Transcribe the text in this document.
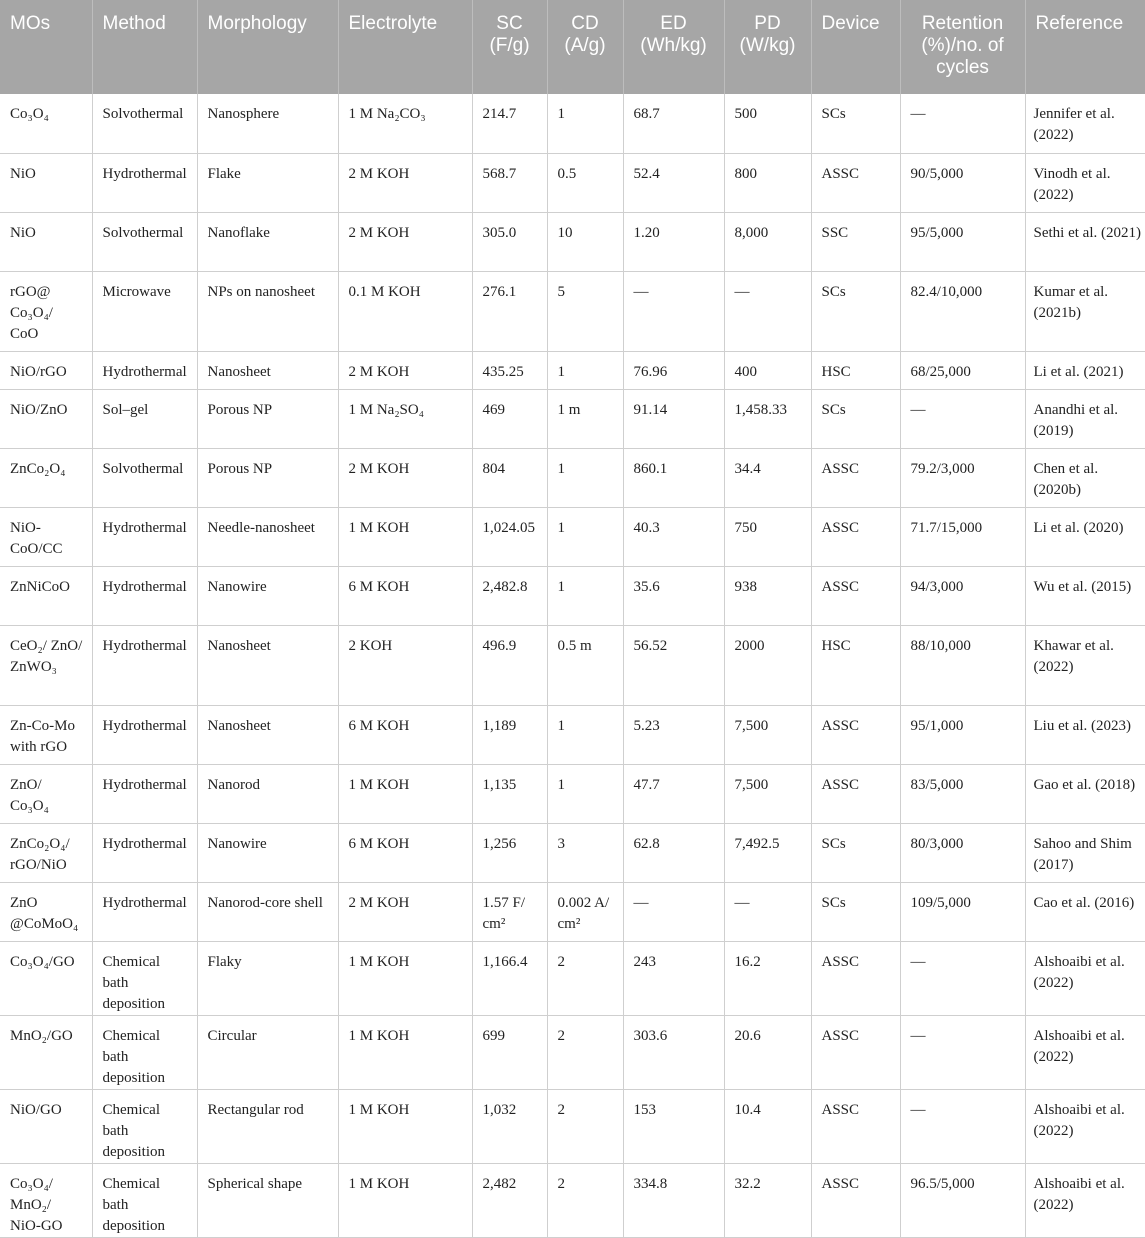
MOs	Method	Morphology	Electrolyte	SC (F/g)	CD (A/g)	ED (Wh/kg)	PD (W/kg)	Device	Retention (%)/no. of cycles	Reference
Co₃O₄	Solvothermal	Nanosphere	1 M Na₂CO₃	214.7	1	68.7	500	SCs	—	Jennifer et al. (2022)
NiO	Hydrothermal	Flake	2 M KOH	568.7	0.5	52.4	800	ASSC	90/5,000	Vinodh et al. (2022)
NiO	Solvothermal	Nanoflake	2 M KOH	305.0	10	1.20	8,000	SSC	95/5,000	Sethi et al. (2021)
rGO@ Co₃O₄/ CoO	Microwave	NPs on nanosheet	0.1 M KOH	276.1	5	—	—	SCs	82.4/10,000	Kumar et al. (2021b)
NiO/rGO	Hydrothermal	Nanosheet	2 M KOH	435.25	1	76.96	400	HSC	68/25,000	Li et al. (2021)
NiO/ZnO	Sol–gel	Porous NP	1 M Na₂SO₄	469	1 m	91.14	1,458.33	SCs	—	Anandhi et al. (2019)
ZnCo₂O₄	Solvothermal	Porous NP	2 M KOH	804	1	860.1	34.4	ASSC	79.2/3,000	Chen et al. (2020b)
NiO- CoO/CC	Hydrothermal	Needle-nanosheet	1 M KOH	1,024.05	1	40.3	750	ASSC	71.7/15,000	Li et al. (2020)
ZnNiCoO	Hydrothermal	Nanowire	6 M KOH	2,482.8	1	35.6	938	ASSC	94/3,000	Wu et al. (2015)
CeO₂/ ZnO/ ZnWO₃	Hydrothermal	Nanosheet	2 KOH	496.9	0.5 m	56.52	2000	HSC	88/10,000	Khawar et al. (2022)
Zn-Co-Mo with rGO	Hydrothermal	Nanosheet	6 M KOH	1,189	1	5.23	7,500	ASSC	95/1,000	Liu et al. (2023)
ZnO/ Co₃O₄	Hydrothermal	Nanorod	1 M KOH	1,135	1	47.7	7,500	ASSC	83/5,000	Gao et al. (2018)
ZnCo₂O₄/ rGO/NiO	Hydrothermal	Nanowire	6 M KOH	1,256	3	62.8	7,492.5	SCs	80/3,000	Sahoo and Shim (2017)
ZnO @CoMoO₄	Hydrothermal	Nanorod-core shell	2 M KOH	1.57 F/ cm²	0.002 A/ cm²	—	—	SCs	109/5,000	Cao et al. (2016)
Co₃O₄/GO	Chemical bath deposition	Flaky	1 M KOH	1,166.4	2	243	16.2	ASSC	—	Alshoaibi et al. (2022)
MnO₂/GO	Chemical bath deposition	Circular	1 M KOH	699	2	303.6	20.6	ASSC	—	Alshoaibi et al. (2022)
NiO/GO	Chemical bath deposition	Rectangular rod	1 M KOH	1,032	2	153	10.4	ASSC	—	Alshoaibi et al. (2022)
Co₃O₄/ MnO₂/ NiO-GO	Chemical bath deposition	Spherical shape	1 M KOH	2,482	2	334.8	32.2	ASSC	96.5/5,000	Alshoaibi et al. (2022)
